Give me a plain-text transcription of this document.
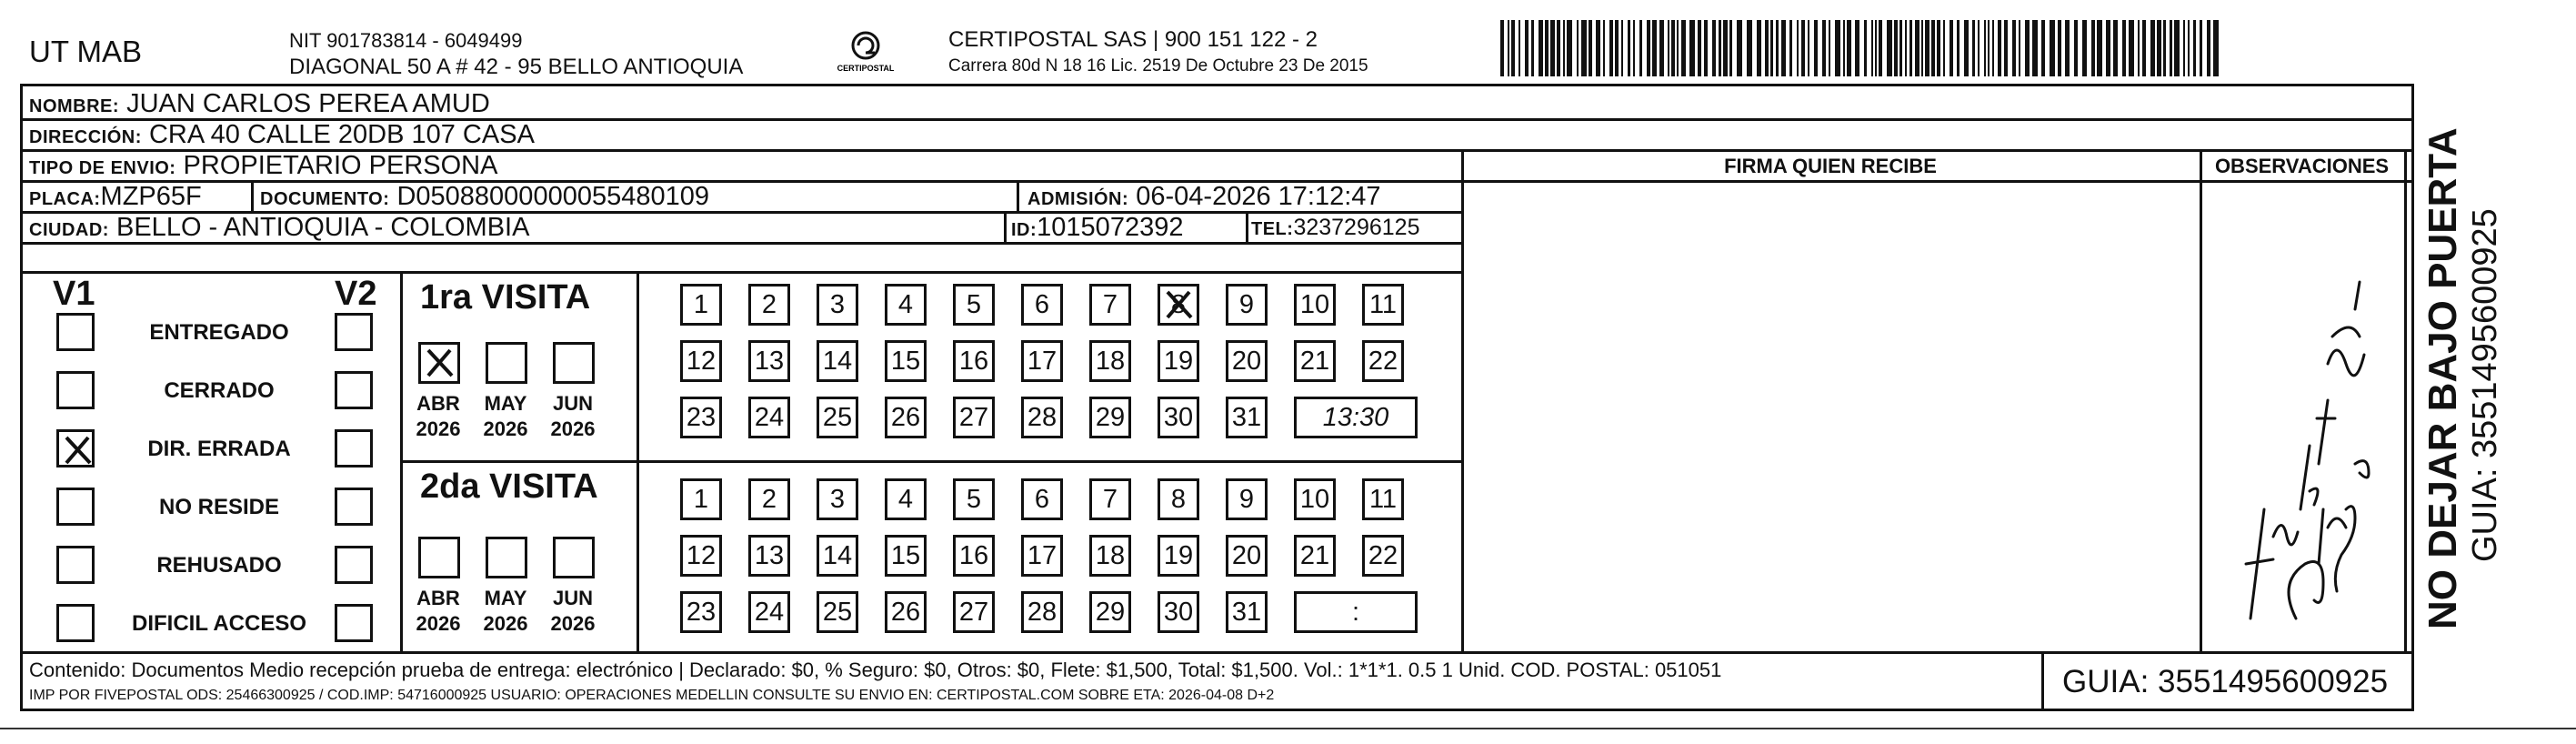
UT MAB	NIT 901783814 - 6049499
DIAGONAL 50 A # 42 - 95 BELLO ANTIOQUIA	CERTIPOSTAL
CERTIPOSTAL SAS | 900 151 122 - 2
Carrera 80d N 18 16 Lic. 2519 De Octubre 23 De 2015
NOMBRE: JUAN CARLOS PEREA AMUD
DIRECCIÓN: CRA 40 CALLE 20DB 107 CASA
TIPO DE ENVIO: PROPIETARIO PERSONA
PLACA:MZP65F	DOCUMENTO: D05088000000055480109	ADMISIÓN: 06-04-2026 17:12:47
CIUDAD: BELLO - ANTIOQUIA - COLOMBIA	ID:1015072392	TEL:3237296125
FIRMA QUIEN RECIBE	OBSERVACIONES
V1	V2
ENTREGADO
CERRADO
DIR. ERRADA
NO RESIDE
REHUSADO
DIFICIL ACCESO
1ra VISITA
2da VISITA
ABR
2026
MAY
2026
JUN
2026
ABR
2026
MAY
2026
JUN
2026
1	2	3	4	5	6	7	8	9	10 11
12 13 14 15 16 17 18 19 20 21 22
23 24 25 26 27 28 29 30 31	13:30
1	2	3	4	5	6	7	8	9	10 11
12 13 14 15 16 17 18 19 20 21 22
23 24 25 26 27 28 29 30 31	:
Contenido: Documentos Medio recepción prueba de entrega: electrónico | Declarado: $0, % Seguro: $0, Otros: $0, Flete: $1,500, Total: $1,500. Vol.: 1*1*1. 0.5 1 Unid. COD. POSTAL: 051051
IMP POR FIVEPOSTAL ODS: 25466300925 / COD.IMP: 54716000925 USUARIO: OPERACIONES MEDELLIN CONSULTE SU ENVIO EN: CERTIPOSTAL.COM SOBRE ETA: 2026-04-08 D+2	GUIA: 3551495600925
NO DEJAR BAJO PUERTA GUIA: 3551495600925
